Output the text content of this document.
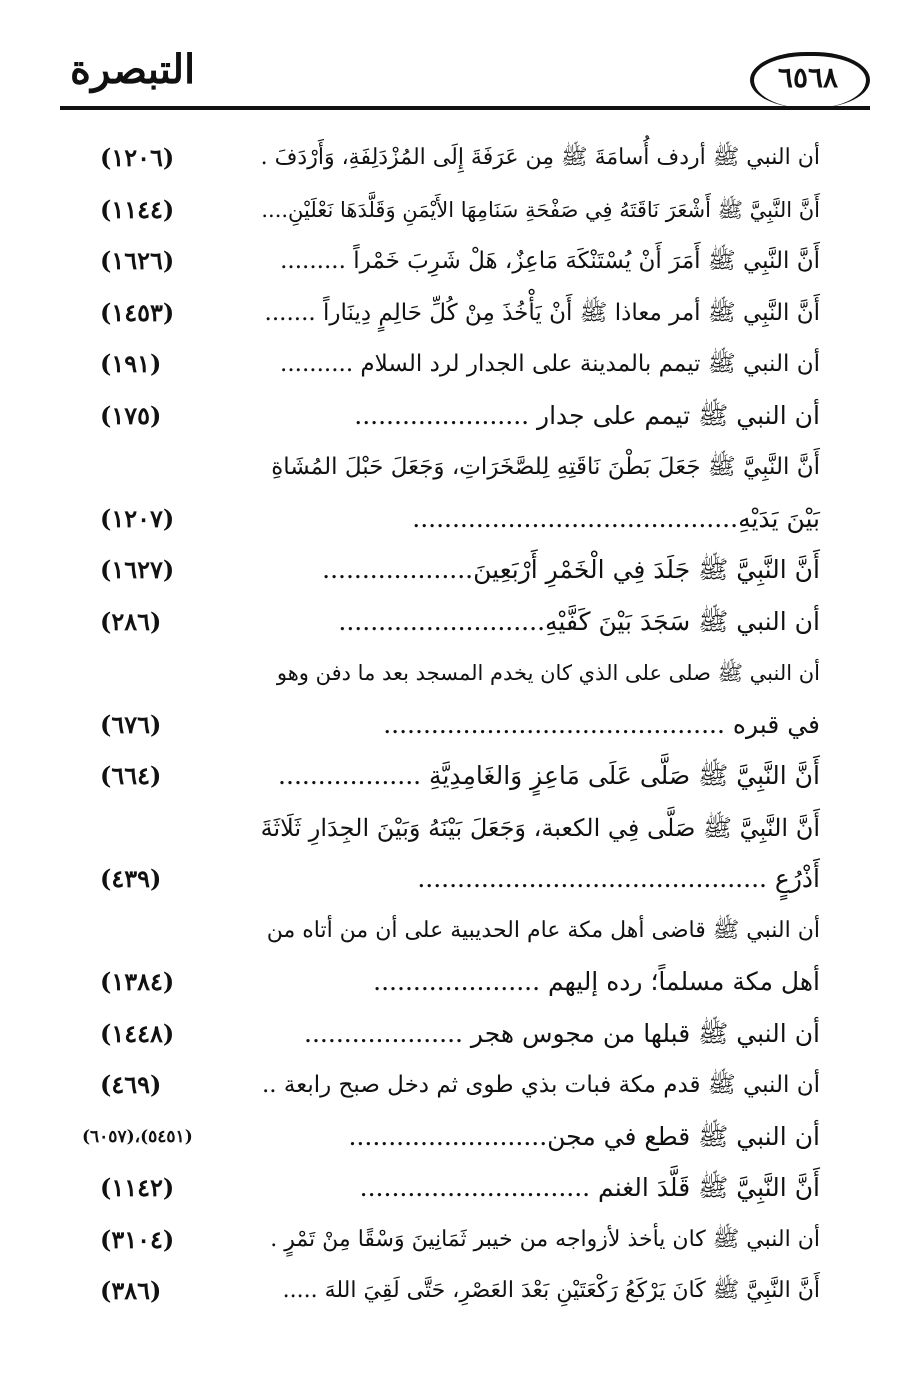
التبصرة	٦٥٦٨
أن النبي ﷺ أردف أُسامَةَ ﷺ مِن عَرَفَةَ إِلَى المُزْدَلِفَةِ، وَأَرْدَفَ .
(١٢٠٦)
أَنَّ النَّبِيَّ ﷺ أَشْعَرَ نَاقَتَهُ فِي صَفْحَةِ سَنَامِهَا الأَيْمَنِ وَقَلَّدَهَا نَعْلَيْنِ....
(١١٤٤)
أَنَّ النَّبِي ﷺ أَمَرَ أَنْ يُسْتَنْكَهَ مَاعِزٌ، هَلْ شَرِبَ خَمْراً .........
(١٦٢٦)
أَنَّ النَّبِي ﷺ أمر معاذا ﷺ أَنْ يَأْخُذَ مِنْ كُلِّ حَالِمٍ دِينَاراً .......
(١٤٥٣)
أن النبي ﷺ تيمم بالمدينة على الجدار لرد السلام ..........
(١٩١)
أن النبي ﷺ تيمم على جدار ......................
(١٧٥)
أَنَّ النَّبِيَّ ﷺ جَعَلَ بَطْنَ نَاقَتِهِ لِلصَّخَرَاتِ، وَجَعَلَ حَبْلَ المُشَاةِ
بَيْنَ يَدَيْهِ.........................................
(١٢٠٧)
أَنَّ النَّبِيَّ ﷺ جَلَدَ فِي الْخَمْرِ أَرْبَعِينَ...................
(١٦٢٧)
أن النبي ﷺ سَجَدَ بَيْنَ كَفَّيْهِ..........................
(٢٨٦)
أن النبي ﷺ صلى على الذي كان يخدم المسجد بعد ما دفن وهو
في قبره ...........................................
(٦٧٦)
أَنَّ النَّبِيَّ ﷺ صَلَّى عَلَى مَاعِزٍ وَالغَامِدِيَّةِ ..................
(٦٦٤)
أَنَّ النَّبِيَّ ﷺ صَلَّى فِي الكعبة، وَجَعَلَ بَيْنَهُ وَبَيْنَ الجِدَارِ ثَلَاثَةَ
أَذْرُعٍ ............................................
(٤٣٩)
أن النبي ﷺ قاضى أهل مكة عام الحديبية على أن من أتاه من
أهل مكة مسلماً؛ رده إليهم .....................
(١٣٨٤)
أن النبي ﷺ قبلها من مجوس هجر ....................
(١٤٤٨)
أن النبي ﷺ قدم مكة فبات بذي طوى ثم دخل صبح رابعة ..
(٤٦٩)
أن النبي ﷺ قطع في مجن.........................
(٥٤٥١)،(٦٠٥٧)
أَنَّ النَّبِيَّ ﷺ قَلَّدَ الغنم .............................
(١١٤٢)
أن النبي ﷺ كان يأخذ لأزواجه من خيبر ثَمَانِينَ وَسْقًا مِنْ تَمْرٍ .
(٣١٠٤)
أَنَّ النَّبِيَّ ﷺ كَانَ يَرْكَعُ رَكْعَتَيْنِ بَعْدَ العَصْرِ، حَتَّى لَقِيَ اللهَ .....
(٣٨٦)
